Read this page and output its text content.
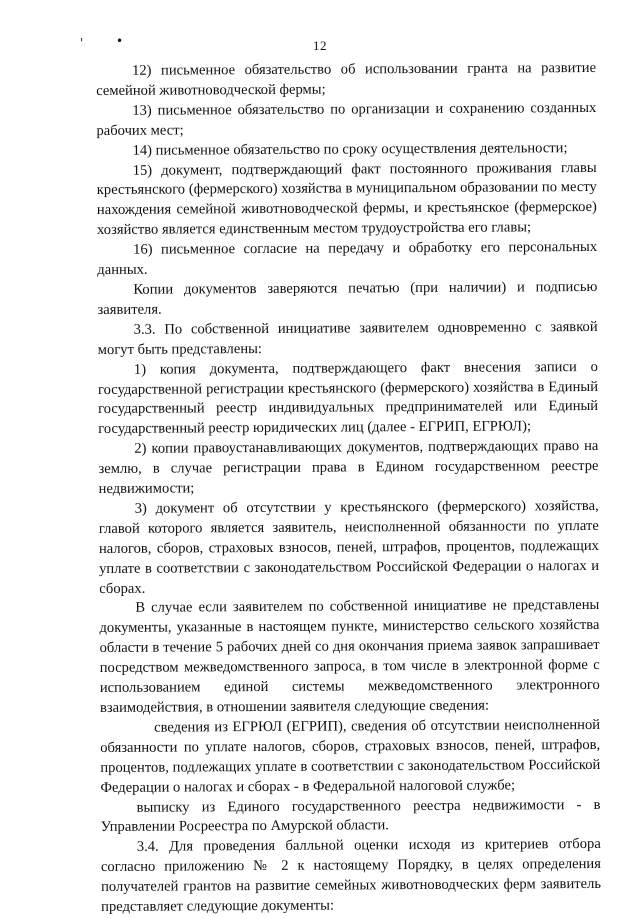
'	•	12

12) письменное обязательство об использовании гранта на развитие семейной животноводческой фермы;

13) письменное обязательство по организации и сохранению созданных рабочих мест;

14) письменное обязательство по сроку осуществления деятельности;

15) документ, подтверждающий факт постоянного проживания главы крестьянского (фермерского) хозяйства в муниципальном образовании по месту нахождения семейной животноводческой фермы, и крестьянское (фермерское) хозяйство является единственным местом трудоустройства его главы;

16) письменное согласие на передачу и обработку его персональных данных.

Копии документов заверяются печатью (при наличии) и подписью заявителя.

3.3. По собственной инициативе заявителем одновременно с заявкой могут быть представлены:

1) копия документа, подтверждающего факт внесения записи о государственной регистрации крестьянского (фермерского) хозяйства в Единый государственный реестр индивидуальных предпринимателей или Единый государственный реестр юридических лиц (далее - ЕГРИП, ЕГРЮЛ);

2) копии правоустанавливающих документов, подтверждающих право на землю, в случае регистрации права в Едином государственном реестре недвижимости;

3) документ об отсутствии у крестьянского (фермерского) хозяйства, главой которого является заявитель, неисполненной обязанности по уплате налогов, сборов, страховых взносов, пеней, штрафов, процентов, подлежащих уплате в соответствии с законодательством Российской Федерации о налогах и сборах.

В случае если заявителем по собственной инициативе не представлены документы, указанные в настоящем пункте, министерство сельского хозяйства области в течение 5 рабочих дней со дня окончания приема заявок запрашивает посредством межведомственного запроса, в том числе в электронной форме с использованием единой системы межведомственного электронного взаимодействия, в отношении заявителя следующие сведения:

сведения из ЕГРЮЛ (ЕГРИП), сведения об отсутствии неисполненной обязанности по уплате налогов, сборов, страховых взносов, пеней, штрафов, процентов, подлежащих уплате в соответствии с законодательством Российской Федерации о налогах и сборах - в Федеральной налоговой службе;

выписку из Единого государственного реестра недвижимости - в Управлении Росреестра по Амурской области.

3.4. Для проведения балльной оценки исходя из критериев отбора согласно приложению № 2 к настоящему Порядку, в целях определения получателей грантов на развитие семейных животноводческих ферм заявитель представляет следующие документы:
